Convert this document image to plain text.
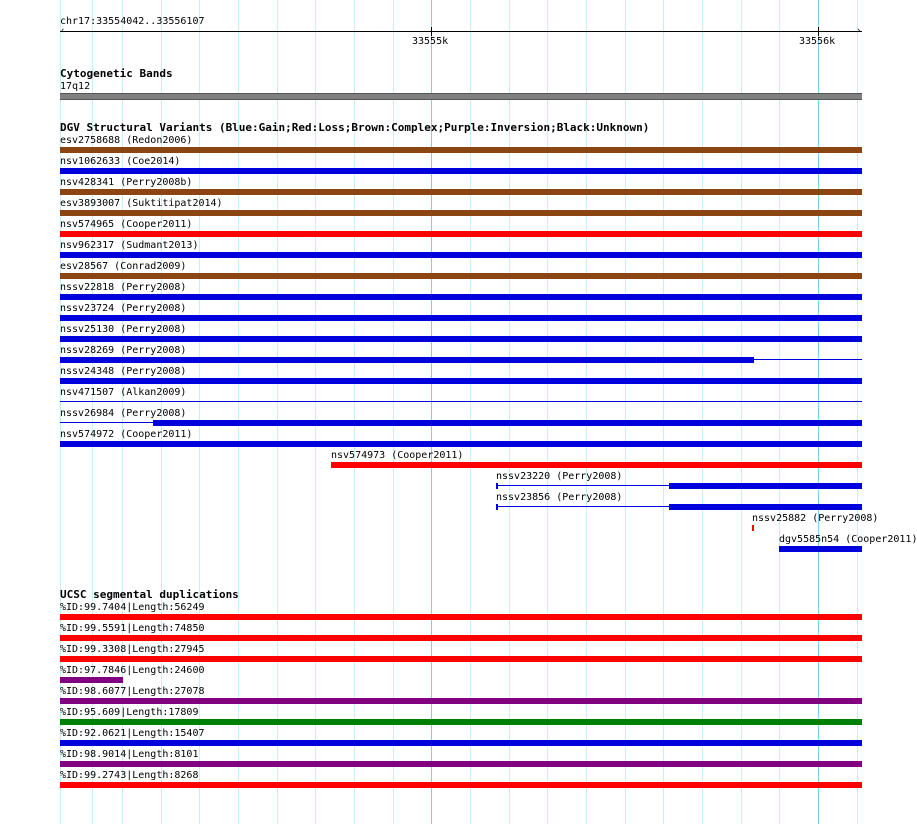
chr17:33554042..33556107
‹	›
33555k	33556k
Cytogenetic Bands
17q12
DGV Structural Variants (Blue:Gain;Red:Loss;Brown:Complex;Purple:Inversion;Black:Unknown)
esv2758688 (Redon2006)
nsv1062633 (Coe2014)
nsv428341 (Perry2008b)
esv3893007 (Suktitipat2014)
nsv574965 (Cooper2011)
nsv962317 (Sudmant2013)
esv28567 (Conrad2009)
nssv22818 (Perry2008)
nssv23724 (Perry2008)
nssv25130 (Perry2008)
nssv28269 (Perry2008)
nssv24348 (Perry2008)
nsv471507 (Alkan2009)
nssv26984 (Perry2008)
nsv574972 (Cooper2011)
nsv574973 (Cooper2011)
nssv23220 (Perry2008)
nssv23856 (Perry2008)
nssv25882 (Perry2008)
dgv5585n54 (Cooper2011)
UCSC segmental duplications
%ID:99.7404|Length:56249
%ID:99.5591|Length:74850
%ID:99.3308|Length:27945
%ID:97.7846|Length:24600
%ID:98.6077|Length:27078
%ID:95.609|Length:17809
%ID:92.0621|Length:15407
%ID:98.9014|Length:8101
%ID:99.2743|Length:8268
